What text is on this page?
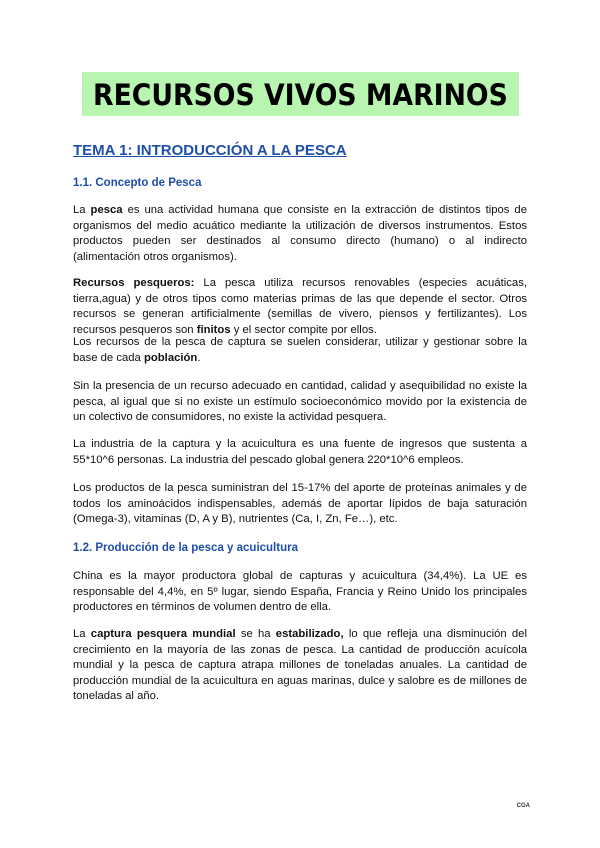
RECURSOS VIVOS MARINOS
TEMA 1: INTRODUCCIÓN A LA PESCA
1.1. Concepto de Pesca

La pesca es una actividad humana que consiste en la extracción de distintos tipos de organismos del medio acuático mediante la utilización de diversos instrumentos. Estos productos pueden ser destinados al consumo directo (humano) o al indirecto (alimentación otros organismos).

Recursos pesqueros: La pesca utiliza recursos renovables (especies acuáticas, tierra,agua) y de otros tipos como materias primas de las que depende el sector. Otros recursos se generan artificialmente (semillas de vivero, piensos y fertilizantes). Los recursos pesqueros son finitos y el sector compite por ellos.

Los recursos de la pesca de captura se suelen considerar, utilizar y gestionar sobre la base de cada población.

Sin la presencia de un recurso adecuado en cantidad, calidad y asequibilidad no existe la pesca, al igual que si no existe un estímulo socioeconómico movido por la existencia de un colectivo de consumidores, no existe la actividad pesquera.

La industria de la captura y la acuicultura es una fuente de ingresos que sustenta a 55*10^6 personas. La industria del pescado global genera 220*10^6 empleos.

Los productos de la pesca suministran del 15-17% del aporte de proteínas animales y de todos los aminoácidos indispensables, además de aportar lípidos de baja saturación (Omega-3), vitaminas (D, A y B), nutrientes (Ca, I, Zn, Fe…), etc.

1.2. Producción de la pesca y acuicultura

China es la mayor productora global de capturas y acuicultura (34,4%). La UE es responsable del 4,4%, en 5º lugar, siendo España, Francia y Reino Unido los principales productores en términos de volumen dentro de ella.

La captura pesquera mundial se ha estabilizado, lo que refleja una disminución del crecimiento en la mayoría de las zonas de pesca. La cantidad de producción acuícola mundial y la pesca de captura atrapa millones de toneladas anuales. La cantidad de producción mundial de la acuicultura en aguas marinas, dulce y salobre es de millones de toneladas al año.

CGA
